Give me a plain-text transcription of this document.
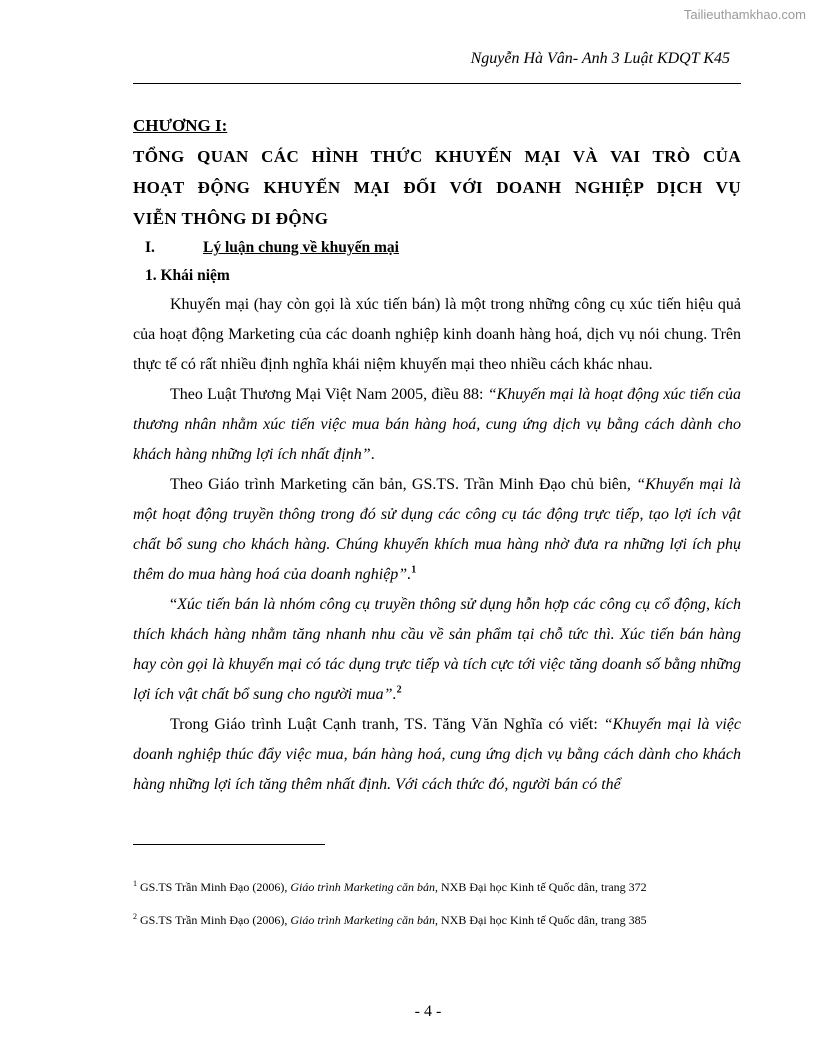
Tailieuthamkhao.com
Nguyễn Hà Vân- Anh 3 Luật KDQT K45

CHƯƠNG I:

TỔNG QUAN CÁC HÌNH THỨC KHUYẾN MẠI VÀ VAI TRÒ CỦA

HOẠT ĐỘNG KHUYẾN MẠI ĐỐI VỚI DOANH NGHIỆP DỊCH VỤ

VIỄN THÔNG DI ĐỘNG

I.	Lý luận chung về khuyến mại

1. Khái niệm

Khuyến mại (hay còn gọi là xúc tiến bán) là một trong những công cụ xúc tiến hiệu quả của hoạt động Marketing của các doanh nghiệp kinh doanh hàng hoá, dịch vụ nói chung. Trên thực tế có rất nhiều định nghĩa khái niệm khuyến mại theo nhiều cách khác nhau.

Theo Luật Thương Mại Việt Nam 2005, điều 88: “Khuyến mại là hoạt động xúc tiến của thương nhân nhằm xúc tiến việc mua bán hàng hoá, cung ứng dịch vụ bằng cách dành cho khách hàng những lợi ích nhất định”.

Theo Giáo trình Marketing căn bản, GS.TS. Trần Minh Đạo chủ biên, “Khuyến mại là một hoạt động truyền thông trong đó sử dụng các công cụ tác động trực tiếp, tạo lợi ích vật chất bổ sung cho khách hàng. Chúng khuyến khích mua hàng nhờ đưa ra những lợi ích phụ thêm do mua hàng hoá của doanh nghiệp”.$^1$

“Xúc tiến bán là nhóm công cụ truyền thông sử dụng hỗn hợp các công cụ cổ động, kích thích khách hàng nhằm tăng nhanh nhu cầu về sản phẩm tại chỗ tức thì. Xúc tiến bán hàng hay còn gọi là khuyến mại có tác dụng trực tiếp và tích cực tới việc tăng doanh số bằng những lợi ích vật chất bổ sung cho người mua”.$^2$

Trong Giáo trình Luật Cạnh tranh, TS. Tăng Văn Nghĩa có viết: “Khuyến mại là việc doanh nghiệp thúc đẩy việc mua, bán hàng hoá, cung ứng dịch vụ bằng cách dành cho khách hàng những lợi ích tăng thêm nhất định. Với cách thức đó, người bán có thể

$^1$ GS.TS Trần Minh Đạo (2006), Giáo trình Marketing căn bản, NXB Đại học Kinh tế Quốc dân, trang 372
$^2$ GS.TS Trần Minh Đạo (2006), Giáo trình Marketing căn bản, NXB Đại học Kinh tế Quốc dân, trang 385
- 4 -
